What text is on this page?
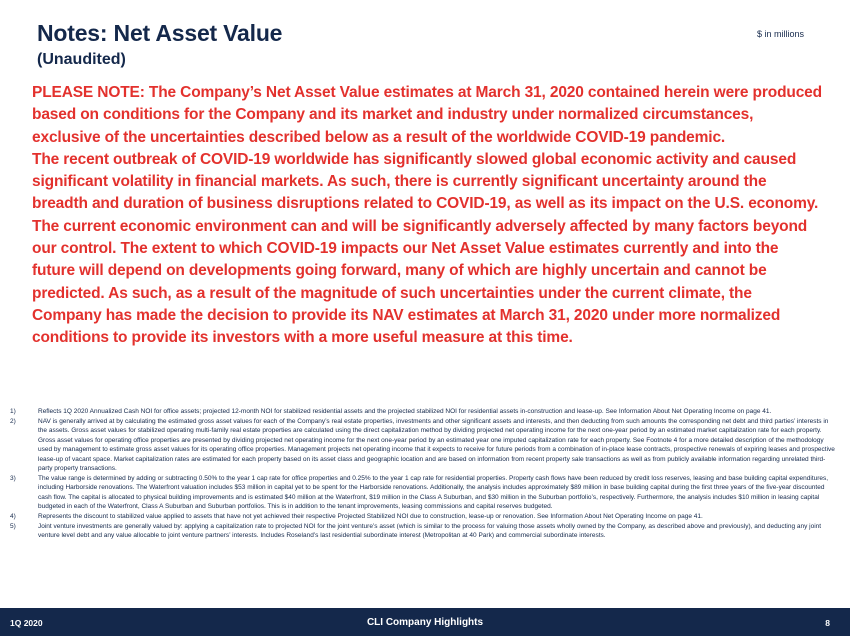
Notes: Net Asset Value
(Unaudited)
$ in millions

PLEASE NOTE: The Company’s Net Asset Value estimates at March 31, 2020 contained herein were produced based on conditions for the Company and its market and industry under normalized circumstances, exclusive of the uncertainties described below as a result of the worldwide COVID-19 pandemic.

The recent outbreak of COVID-19 worldwide has significantly slowed global economic activity and caused significant volatility in financial markets. As such, there is currently significant uncertainty around the breadth and duration of business disruptions related to COVID-19, as well as its impact on the U.S. economy. The current economic environment can and will be significantly adversely affected by many factors beyond our control. The extent to which COVID-19 impacts our Net Asset Value estimates currently and into the future will depend on developments going forward, many of which are highly uncertain and cannot be predicted. As such, as a result of the magnitude of such uncertainties under the current climate, the Company has made the decision to provide its NAV estimates at March 31, 2020 under more normalized conditions to provide its investors with a more useful measure at this time.

1)	Reflects 1Q 2020 Annualized Cash NOI for office assets; projected 12-month NOI for stabilized residential assets and the projected stabilized NOI for residential assets in-construction and lease-up. See Information About Net Operating Income on page 41.
2)	NAV is generally arrived at by calculating the estimated gross asset values for each of the Company’s real estate properties, investments and other significant assets and interests, and then deducting from such amounts the corresponding net debt and third parties’ interests in the assets. Gross asset values for stabilized operating multi-family real estate properties are calculated using the direct capitalization method by dividing projected net operating income for the next one-year period by an estimated market capitalization rate for each property. Gross asset values for operating office properties are presented by dividing projected net operating income for the next one-year period by an estimated year one imputed capitalization rate for each property. See Footnote 4 for a more detailed description of the methodology used by management to estimate gross asset values for its operating office properties. Management projects net operating income that it expects to receive for future periods from a combination of in-place lease contracts, prospective renewals of expiring leases and prospective lease-up of vacant space. Market capitalization rates are estimated for each property based on its asset class and geographic location and are based on information from recent property sale transactions as well as from publicly available information regarding unrelated third-party property transactions.
3)	The value range is determined by adding or subtracting 0.50% to the year 1 cap rate for office properties and 0.25% to the year 1 cap rate for residential properties. Property cash flows have been reduced by credit loss reserves, leasing and base building capital expenditures, including Harborside renovations. The Waterfront valuation includes $53 million in capital yet to be spent for the Harborside renovations. Additionally, the analysis includes approximately $89 million in base building capital during the first three years of the five-year discounted cash flow. The capital is allocated to physical building improvements and is estimated $40 million at the Waterfront, $19 million in the Class A Suburban, and $30 million in the Suburban portfolio’s, respectively. Furthermore, the analysis includes $10 million in leasing capital budgeted in each of the Waterfront, Class A Suburban and Suburban portfolios. This is in addition to the tenant improvements, leasing commissions and capital reserves budgeted.
4)	Represents the discount to stabilized value applied to assets that have not yet achieved their respective Projected Stabilized NOI due to construction, lease-up or renovation. See Information About Net Operating Income on page 41.
5)	Joint venture investments are generally valued by: applying a capitalization rate to projected NOI for the joint venture’s asset (which is similar to the process for valuing those assets wholly owned by the Company, as described above and previously), and deducting any joint venture level debt and any value allocable to joint venture partners’ interests. Includes Roseland’s last residential subordinate interest (Metropolitan at 40 Park) and commercial subordinate interests.
1Q 2020	CLI Company Highlights	8
